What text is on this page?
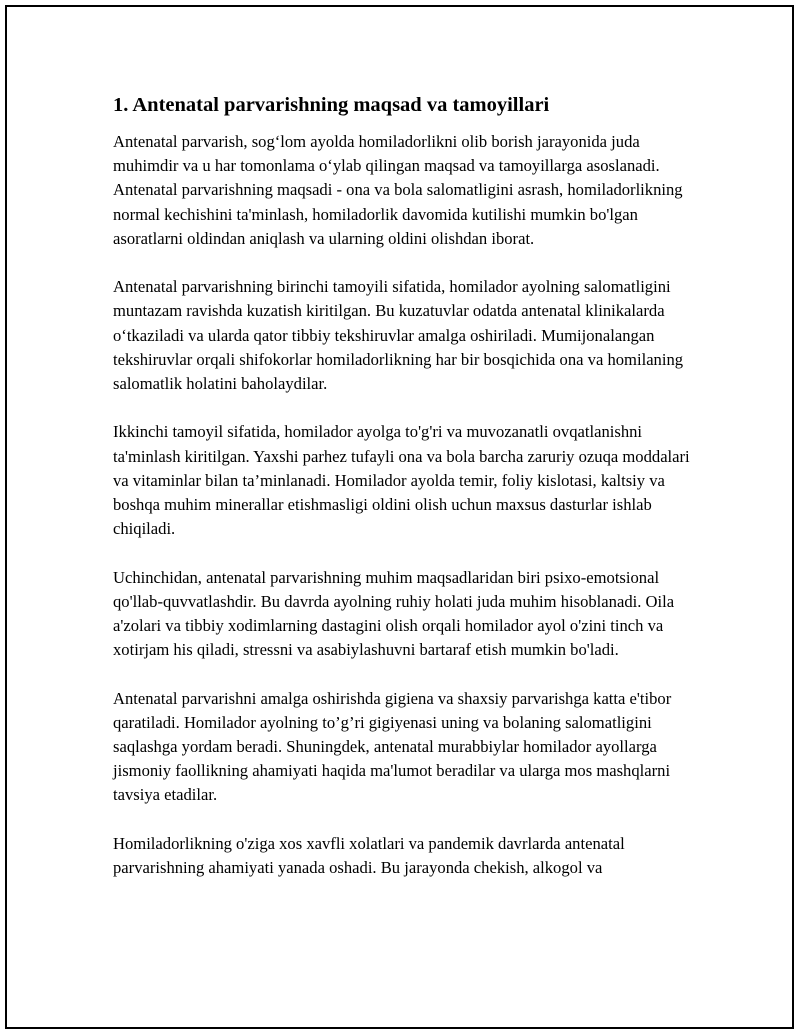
1. Antenatal parvarishning maqsad va tamoyillari

Antenatal parvarish, sog‘lom ayolda homiladorlikni olib borish jarayonida juda muhimdir va u har tomonlama o‘ylab qilingan maqsad va tamoyillarga asoslanadi. Antenatal parvarishning maqsadi - ona va bola salomatligini asrash, homiladorlikning normal kechishini ta'minlash, homiladorlik davomida kutilishi mumkin bo'lgan asoratlarni oldindan aniqlash va ularning oldini olishdan iborat.

Antenatal parvarishning birinchi tamoyili sifatida, homilador ayolning salomatligini muntazam ravishda kuzatish kiritilgan. Bu kuzatuvlar odatda antenatal klinikalarda o‘tkaziladi va ularda qator tibbiy tekshiruvlar amalga oshiriladi. Mumijonalangan tekshiruvlar orqali shifokorlar homiladorlikning har bir bosqichida ona va homilaning salomatlik holatini baholaydilar.

Ikkinchi tamoyil sifatida, homilador ayolga to'g'ri va muvozanatli ovqatlanishni ta'minlash kiritilgan. Yaxshi parhez tufayli ona va bola barcha zaruriy ozuqa moddalari va vitaminlar bilan ta’minlanadi. Homilador ayolda temir, foliy kislotasi, kaltsiy va boshqa muhim minerallar etishmasligi oldini olish uchun maxsus dasturlar ishlab chiqiladi.

Uchinchidan, antenatal parvarishning muhim maqsadlaridan biri psixo-emotsional qo'llab-quvvatlashdir. Bu davrda ayolning ruhiy holati juda muhim hisoblanadi. Oila a'zolari va tibbiy xodimlarning dastagini olish orqali homilador ayol o'zini tinch va xotirjam his qiladi, stressni va asabiylashuvni bartaraf etish mumkin bo'ladi.

Antenatal parvarishni amalga oshirishda gigiena va shaxsiy parvarishga katta e'tibor qaratiladi. Homilador ayolning to’g’ri gigiyenasi uning va bolaning salomatligini saqlashga yordam beradi. Shuningdek, antenatal murabbiylar homilador ayollarga jismoniy faollikning ahamiyati haqida ma'lumot beradilar va ularga mos mashqlarni tavsiya etadilar.

Homiladorlikning o'ziga xos xavfli xolatlari va pandemik davrlarda antenatal parvarishning ahamiyati yanada oshadi. Bu jarayonda chekish, alkogol va
